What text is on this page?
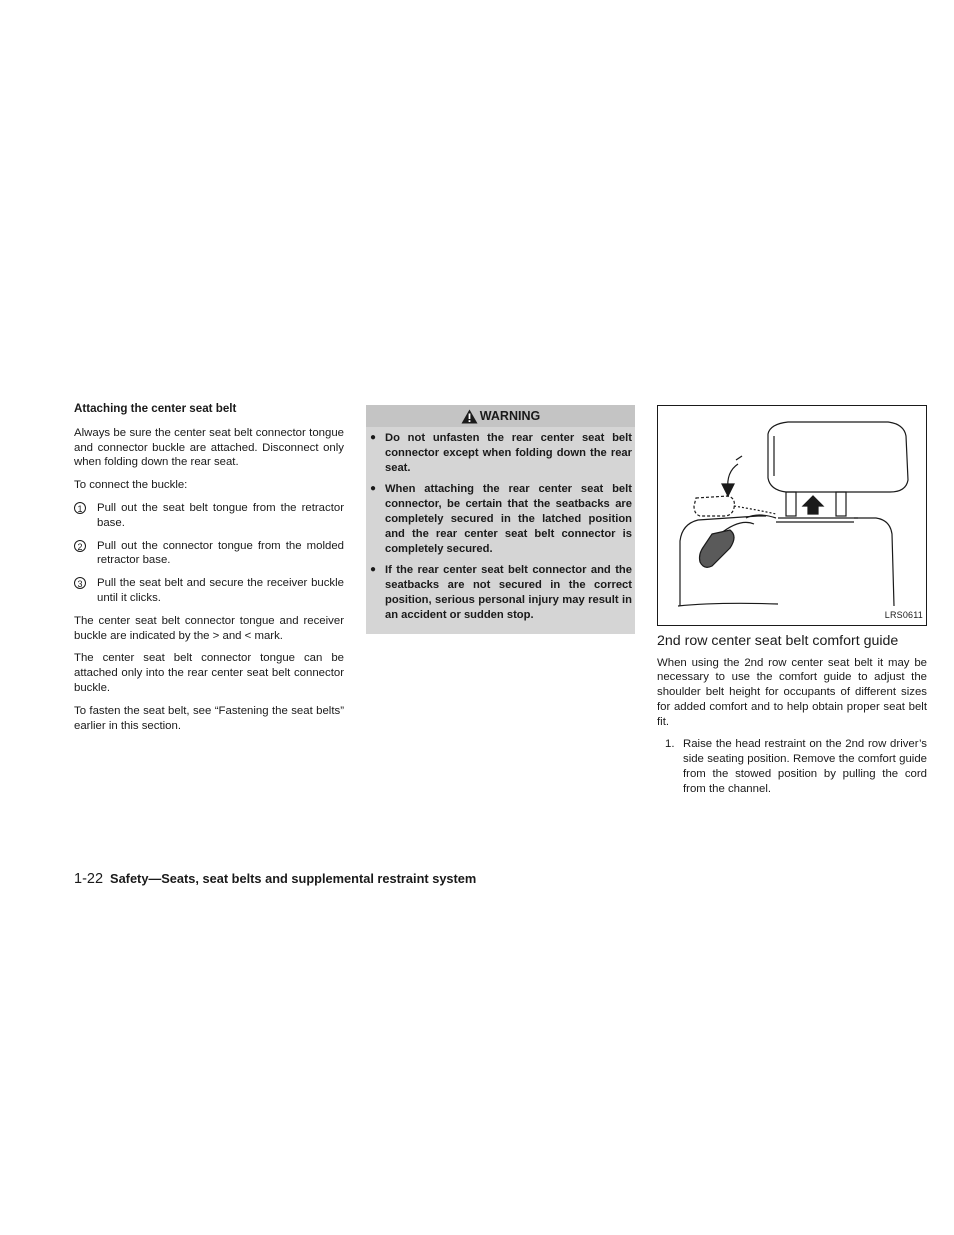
Attaching the center seat belt
Always be sure the center seat belt connector tongue and connector buckle are attached. Disconnect only when folding down the rear seat.
To connect the buckle:
1	Pull out the seat belt tongue from the retractor base.
2	Pull out the connector tongue from the molded retractor base.
3	Pull the seat belt and secure the receiver buckle until it clicks.
The center seat belt connector tongue and receiver buckle are indicated by the > and < mark.
The center seat belt connector tongue can be attached only into the rear center seat belt connector buckle.
To fasten the seat belt, see “Fastening the seat belts” earlier in this section.
WARNING
● Do not unfasten the rear center seat belt connector except when folding down the rear seat.
● When attaching the rear center seat belt connector, be certain that the seatbacks are completely secured in the latched position and the rear center seat belt connector is completely secured.
● If the rear center seat belt connector and the seatbacks are not secured in the correct position, serious personal injury may result in an accident or sudden stop.	LRS0611
2nd row center seat belt comfort guide
When using the 2nd row center seat belt it may be necessary to use the comfort guide to adjust the shoulder belt height for occupants of different sizes for added comfort and to help obtain proper seat belt fit.
1. Raise the head restraint on the 2nd row driver’s side seating position. Remove the comfort guide from the stowed position by pulling the cord from the channel.
1-22 Safety—Seats, seat belts and supplemental restraint system
